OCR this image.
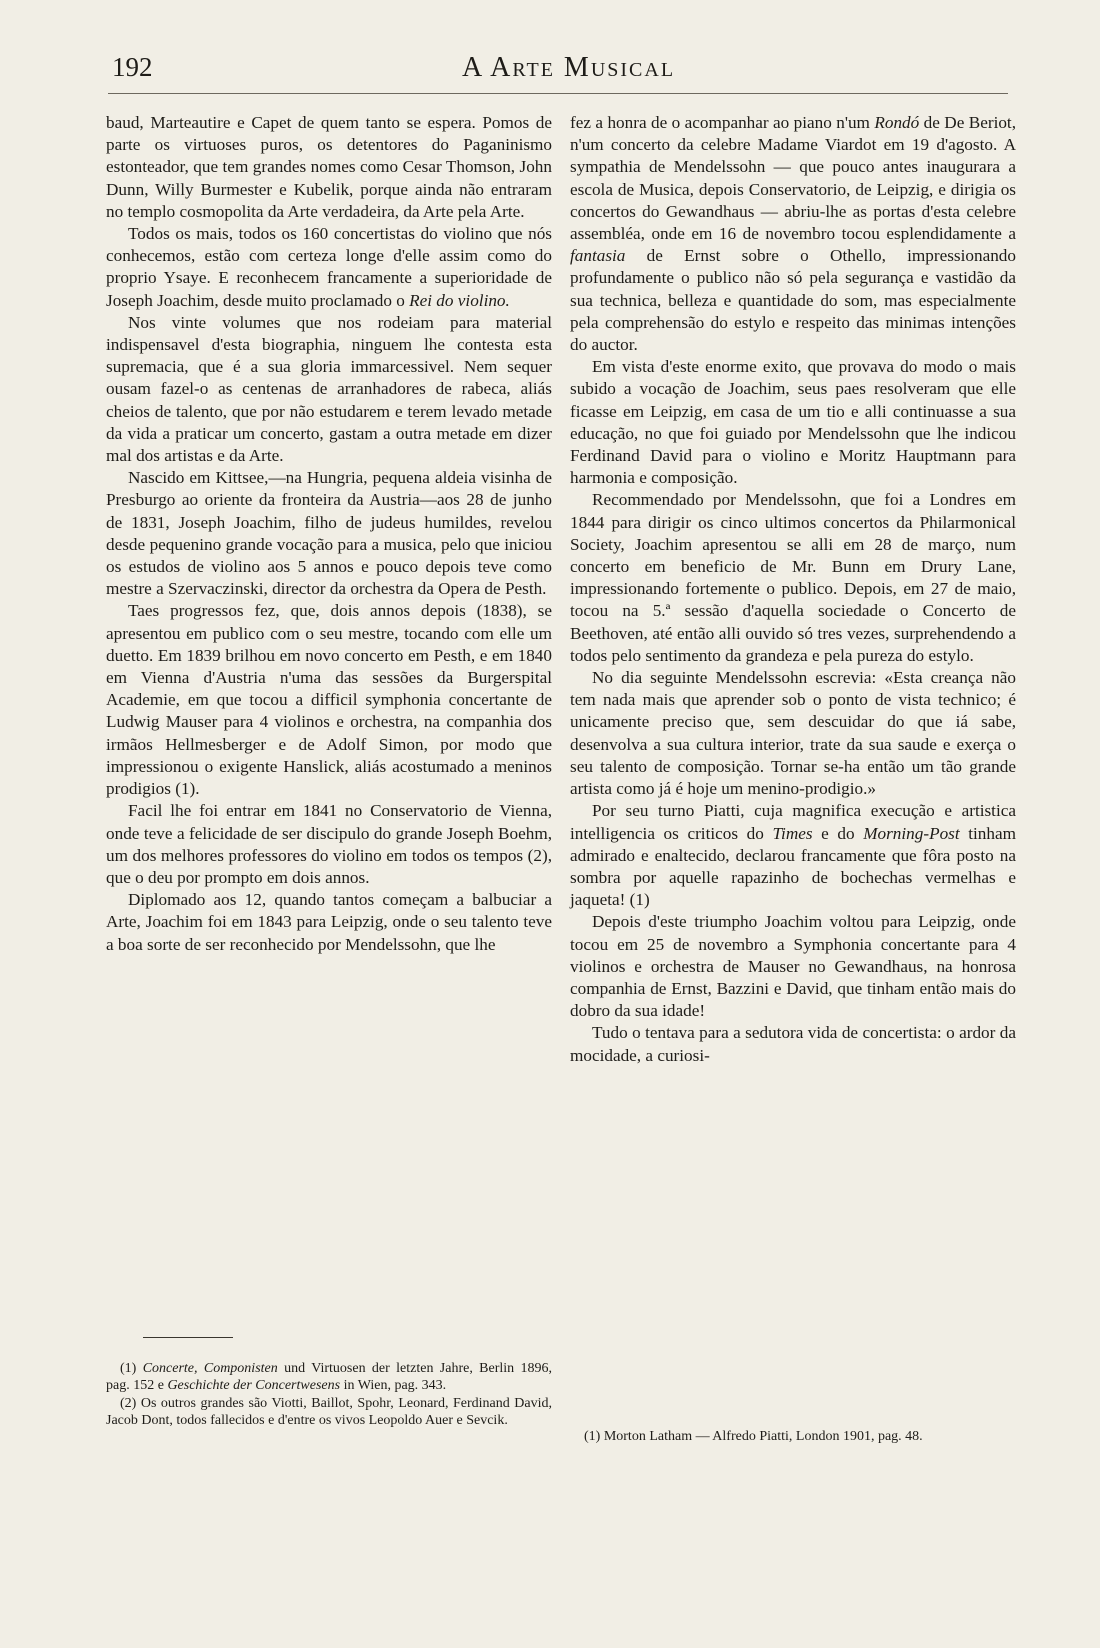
192	A Arte Musical

baud, Marteautire e Capet de quem tanto se espera. Pomos de parte os virtuoses puros, os detentores do Paganinismo estonteador, que tem grandes nomes como Cesar Thomson, John Dunn, Willy Burmester e Kubelik, porque ainda não entraram no templo cosmopolita da Arte verdadeira, da Arte pela Arte.

Todos os mais, todos os 160 concertistas do violino que nós conhecemos, estão com certeza longe d'elle assim como do proprio Ysaye. E reconhecem francamente a superioridade de Joseph Joachim, desde muito proclamado o Rei do violino.

Nos vinte volumes que nos rodeiam para material indispensavel d'esta biographia, ninguem lhe contesta esta supremacia, que é a sua gloria immarcessivel. Nem sequer ousam fazel-o as centenas de arranhadores de rabeca, aliás cheios de talento, que por não estudarem e terem levado metade da vida a praticar um concerto, gastam a outra metade em dizer mal dos artistas e da Arte.

Nascido em Kittsee,—na Hungria, pequena aldeia visinha de Presburgo ao oriente da fronteira da Austria—aos 28 de junho de 1831, Joseph Joachim, filho de judeus humildes, revelou desde pequenino grande vocação para a musica, pelo que iniciou os estudos de violino aos 5 annos e pouco depois teve como mestre a Szervaczinski, director da orchestra da Opera de Pesth.

Taes progressos fez, que, dois annos depois (1838), se apresentou em publico com o seu mestre, tocando com elle um duetto. Em 1839 brilhou em novo concerto em Pesth, e em 1840 em Vienna d'Austria n'uma das sessões da Burgerspital Academie, em que tocou a difficil symphonia concertante de Ludwig Mauser para 4 violinos e orchestra, na companhia dos irmãos Hellmesberger e de Adolf Simon, por modo que impressionou o exigente Hanslick, aliás acostumado a meninos prodigios (1).

Facil lhe foi entrar em 1841 no Conservatorio de Vienna, onde teve a felicidade de ser discipulo do grande Joseph Boehm, um dos melhores professores do violino em todos os tempos (2), que o deu por prompto em dois annos.

Diplomado aos 12, quando tantos começam a balbuciar a Arte, Joachim foi em 1843 para Leipzig, onde o seu talento teve a boa sorte de ser reconhecido por Mendelssohn, que lhe

fez a honra de o acompanhar ao piano n'um Rondó de De Beriot, n'um concerto da celebre Madame Viardot em 19 d'agosto. A sympathia de Mendelssohn — que pouco antes inaugurara a escola de Musica, depois Conservatorio, de Leipzig, e dirigia os concertos do Gewandhaus — abriu-lhe as portas d'esta celebre assembléa, onde em 16 de novembro tocou esplendidamente a fantasia de Ernst sobre o Othello, impressionando profundamente o publico não só pela segurança e vastidão da sua technica, belleza e quantidade do som, mas especialmente pela comprehensão do estylo e respeito das minimas intenções do auctor.

Em vista d'este enorme exito, que provava do modo o mais subido a vocação de Joachim, seus paes resolveram que elle ficasse em Leipzig, em casa de um tio e alli continuasse a sua educação, no que foi guiado por Mendelssohn que lhe indicou Ferdinand David para o violino e Moritz Hauptmann para harmonia e composição.

Recommendado por Mendelssohn, que foi a Londres em 1844 para dirigir os cinco ultimos concertos da Philarmonical Society, Joachim apresentou se alli em 28 de março, num concerto em beneficio de Mr. Bunn em Drury Lane, impressionando fortemente o publico. Depois, em 27 de maio, tocou na 5.ª sessão d'aquella sociedade o Concerto de Beethoven, até então alli ouvido só tres vezes, surprehendendo a todos pelo sentimento da grandeza e pela pureza do estylo.

No dia seguinte Mendelssohn escrevia: «Esta creança não tem nada mais que aprender sob o ponto de vista technico; é unicamente preciso que, sem descuidar do que iá sabe, desenvolva a sua cultura interior, trate da sua saude e exerça o seu talento de composição. Tornar se-ha então um tão grande artista como já é hoje um menino-prodigio.»

Por seu turno Piatti, cuja magnifica execução e artistica intelligencia os criticos do Times e do Morning-Post tinham admirado e enaltecido, declarou francamente que fôra posto na sombra por aquelle rapazinho de bochechas vermelhas e jaqueta! (1)

Depois d'este triumpho Joachim voltou para Leipzig, onde tocou em 25 de novembro a Symphonia concertante para 4 violinos e orchestra de Mauser no Gewandhaus, na honrosa companhia de Ernst, Bazzini e David, que tinham então mais do dobro da sua idade!

Tudo o tentava para a sedutora vida de concertista: o ardor da mocidade, a curiosi-

(1) Concerte, Componisten und Virtuosen der letzten Jahre, Berlin 1896, pag. 152 e Geschichte der Concertwesens in Wien, pag. 343.

(2) Os outros grandes são Viotti, Baillot, Spohr, Leonard, Ferdinand David, Jacob Dont, todos fallecidos e d'entre os vivos Leopoldo Auer e Sevcik.

(1) Morton Latham — Alfredo Piatti, London 1901, pag. 48.
